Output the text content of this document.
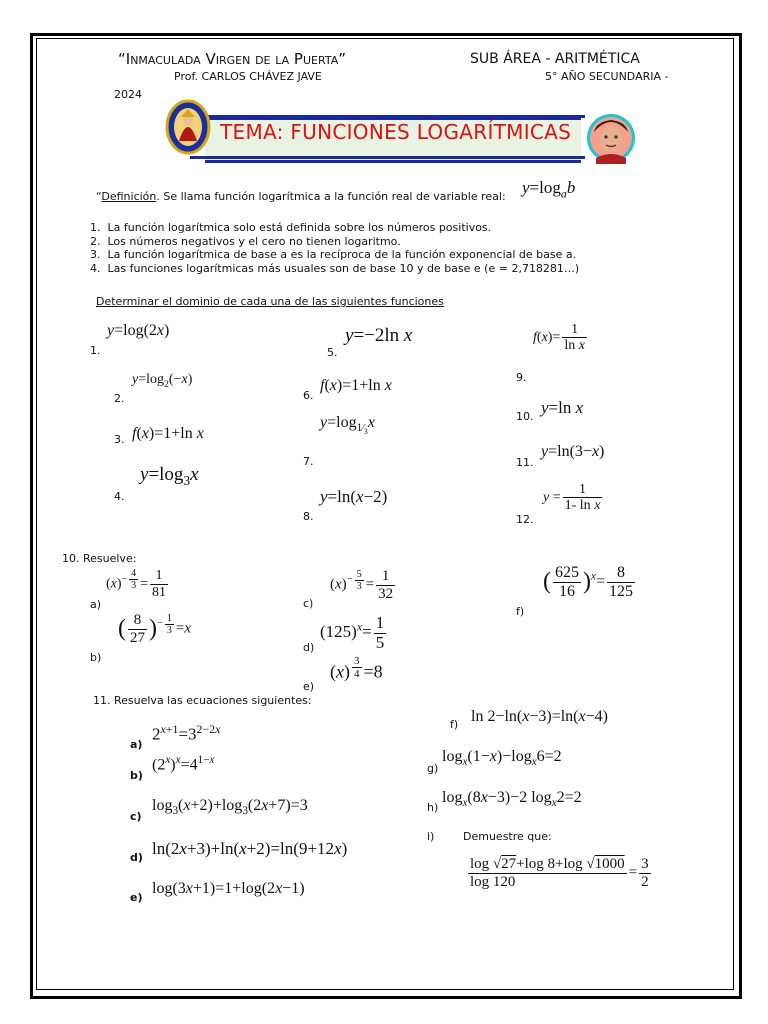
“Inmaculada Virgen de la Puerta”	SUB ÁREA - ARITMÉTICA
Prof. CARLOS CHÁVEZ JAVE	5° AÑO SECUNDARIA -
2024
TEMA: FUNCIONES LOGARÍTMICAS
“Definición. Se llama función logarítmica a la función real de variable real: $y=\log_ab$
1.  La función logarítmica solo está definida sobre los números positivos.
2.  Los números negativos y el cero no tienen logaritmo.
3.  La función logarítmica de base a es la recíproca de la función exponencial de base a.
4.  Las funciones logarítmicas más usuales son de base 10 y de base e (e = 2,718281…)
Determinar el dominio de cada una de las siguientes funciones
1.
y=log(2x)
2.
$y=\log_2(-x)$
3. f(x)=1+ln x
4.
$y=\log_3x$
5.
y=−2ln x
6.
f(x)=1+ln x
7.
$y=\log_{1⁄_3}x$
8.
y=ln(x−2)
$f(x)= \frac{1}{\text{ln x}}$
9.
10. y=ln x
11.
y=ln(3−x)
12.
$y = \frac{1}{\text{1- ln x}}$
10. Resuelve:
a)
$(x)^{- \frac{4}{3}} = \frac{1}{81}$
b)
( $\frac{8}{27} )^{- \frac{1}{3}} =x$
c)
$(x)^{- \frac{5}{3}} = \frac{1}{32}$
d)
$(125)^x= \frac{1}{5}$
e)
(x) $^{\frac{3}{4}}$ =8
f)
( $\frac{625}{16} )^x= \frac{8}{125}$
11. Resuelva las ecuaciones siguientes:
a)
$2^{x+1}=3^{2-2x}$
b)
$(2^x)^x=4^{1-x}$
c)
$\log_3(x+2)+\log_3(2x+7)=3$
d) ln(2x+3)+ln(x+2)=ln(9+12x)
e)
log(3x+1)=1+log(2x−1)
f) ln 2−ln(x−3)=ln(x−4)
g)
$\log_x(1-x)-\log_x6=2$
h)
$\log_x(8x-3)-2$ $\log_x2=2$
i)	Demuestre que:
$\frac{\log √27+\log 8+\log √1000}{\log 120} = \frac{3}{2}$
